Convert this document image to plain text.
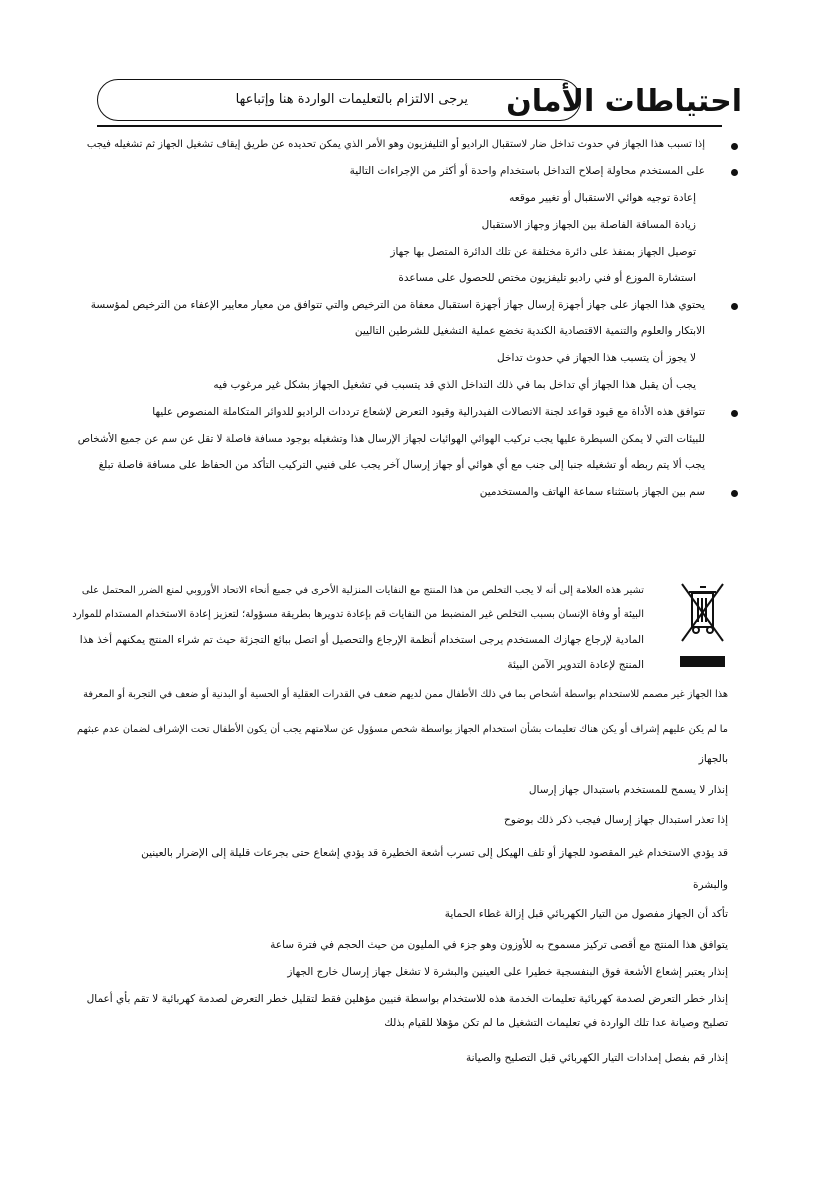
احتياطات الأمان
يرجى الالتزام بالتعليمات الواردة هنا وإتباعها
إذا تسبب هذا الجهاز في حدوث تداخل ضار لاستقبال الراديو أو التليفزيون وهو الأمر الذي يمكن تحديده عن طريق إيقاف تشغيل الجهاز ثم تشغيله فيجب
على المستخدم محاولة إصلاح التداخل باستخدام واحدة أو أكثر من الإجراءات التالية
إعادة توجيه هوائي الاستقبال أو تغيير موقعه
زيادة المسافة الفاصلة بين الجهاز وجهاز الاستقبال
توصيل الجهاز بمنفذ على دائرة مختلفة عن تلك الدائرة المتصل بها جهاز
استشارة الموزع أو فني راديو تليفزيون مختص للحصول على مساعدة
يحتوي هذا الجهاز على جهاز أجهزة إرسال جهاز أجهزة استقبال معفاة من الترخيص والتي تتوافق من معيار معايير الإعفاء من الترخيص لمؤسسة
الابتكار والعلوم والتنمية الاقتصادية الكندية تخضع عملية التشغيل للشرطين التاليين
لا يجوز أن يتسبب هذا الجهاز في حدوث تداخل
يجب أن يقبل هذا الجهاز أي تداخل بما في ذلك التداخل الذي قد يتسبب في تشغيل الجهاز بشكل غير مرغوب فيه
تتوافق هذه الأداة مع قيود قواعد لجنة الاتصالات الفيدرالية وقيود التعرض لإشعاع ترددات الراديو للدوائر المتكاملة المنصوص عليها
للبيئات التي لا يمكن السيطرة عليها يجب تركيب الهوائي الهوائيات لجهاز الإرسال هذا وتشغيله بوجود مسافة فاصلة لا تقل عن سم عن جميع الأشخاص
يجب ألا يتم ربطه أو تشغيله جنبا إلى جنب مع أي هوائي أو جهاز إرسال آخر يجب على فنيي التركيب التأكد من الحفاظ على مسافة فاصلة تبلغ
سم بين الجهاز باستثناء سماعة الهاتف والمستخدمين
تشير هذه العلامة إلى أنه لا يجب التخلص من هذا المنتج مع النفايات المنزلية الأخرى في جميع أنحاء الاتحاد الأوروبي لمنع الضرر المحتمل على
البيئة أو وفاة الإنسان بسبب التخلص غير المنضبط من النفايات قم بإعادة تدويرها بطريقة مسؤولة؛ لتعزيز إعادة الاستخدام المستدام للموارد
المادية لإرجاع جهازك المستخدم يرجى استخدام أنظمة الإرجاع والتحصيل أو اتصل ببائع التجزئة حيث تم شراء المنتج يمكنهم أخذ هذا
المنتج لإعادة التدوير الآمن البيئة
هذا الجهاز غير مصمم للاستخدام بواسطة أشخاص بما في ذلك الأطفال ممن لديهم ضعف في القدرات العقلية أو الحسية أو البدنية أو ضعف في التجربة أو المعرفة
ما لم يكن عليهم إشراف أو يكن هناك تعليمات بشأن استخدام الجهاز بواسطة شخص مسؤول عن سلامتهم يجب أن يكون الأطفال تحت الإشراف لضمان عدم عبثهم
بالجهاز
إنذار لا يسمح للمستخدم باستبدال جهاز إرسال
إذا تعذر استبدال جهاز إرسال فيجب ذكر ذلك بوضوح
قد يؤدي الاستخدام غير المقصود للجهاز أو تلف الهيكل إلى تسرب أشعة الخطيرة قد يؤدي إشعاع حتى بجرعات قليلة إلى الإضرار بالعينين
والبشرة
تأكد أن الجهاز مفصول من التيار الكهربائي قبل إزالة غطاء الحماية
يتوافق هذا المنتج مع أقصى تركيز مسموح به للأوزون وهو جزء في المليون من حيث الحجم في فترة ساعة
إنذار يعتبر إشعاع الأشعة فوق البنفسجية خطيرا على العينين والبشرة لا تشغل جهاز إرسال خارج الجهاز
إنذار خطر التعرض لصدمة كهربائية تعليمات الخدمة هذه للاستخدام بواسطة فنيين مؤهلين فقط لتقليل خطر التعرض لصدمة كهربائية لا تقم بأي أعمال
تصليح وصيانة عدا تلك الواردة في تعليمات التشغيل ما لم تكن مؤهلا للقيام بذلك
إنذار قم بفصل إمدادات التيار الكهربائي قبل التصليح والصيانة
